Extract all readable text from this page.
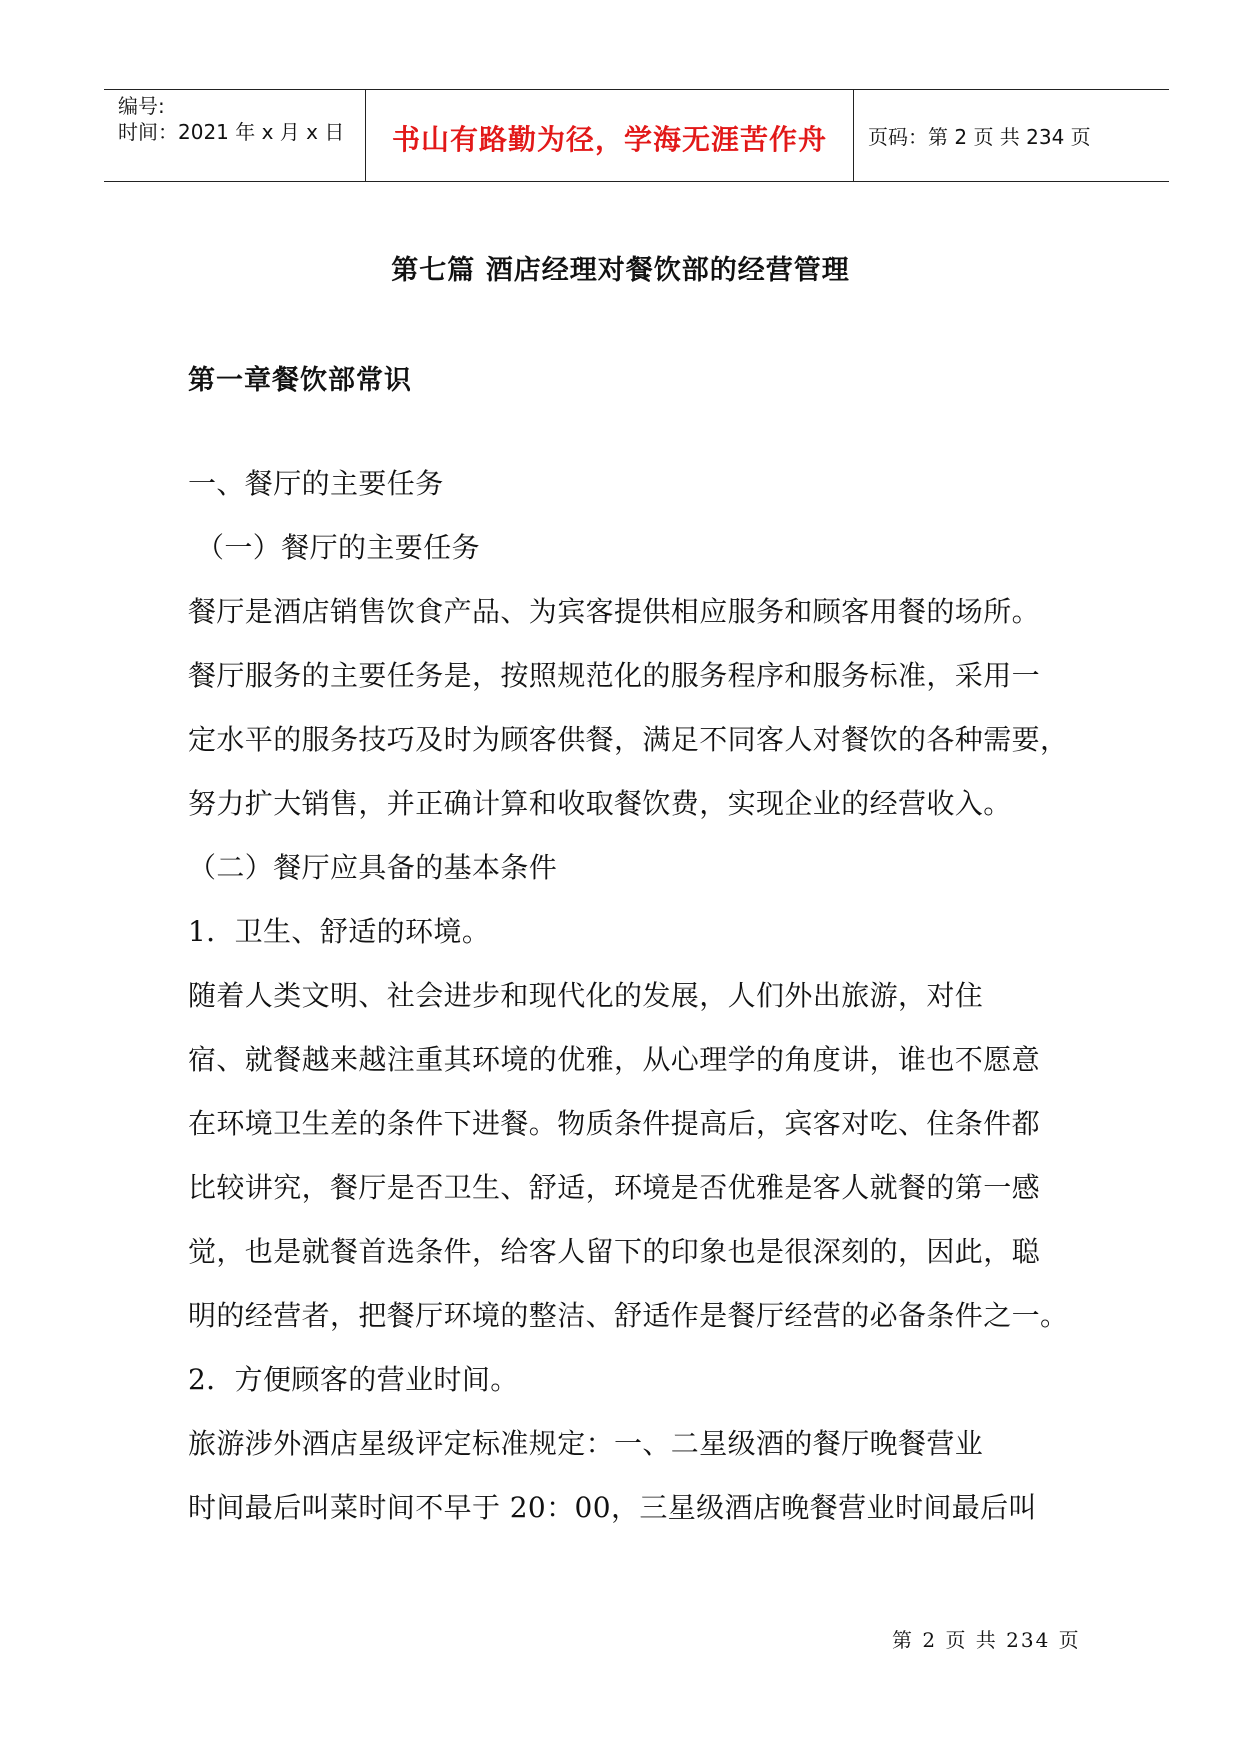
编号:
时间：2021 年 x 月 x 日	书山有路勤为径，学海无涯苦作舟 页码：第 2 页 共 234 页
第七篇 酒店经理对餐饮部的经营管理
第一章餐饮部常识
一、餐厅的主要任务
（一）餐厅的主要任务
餐厅是酒店销售饮食产品、为宾客提供相应服务和顾客用餐的场所。
餐厅服务的主要任务是，按照规范化的服务程序和服务标准，采用一
定水平的服务技巧及时为顾客供餐，满足不同客人对餐饮的各种需要，
努力扩大销售，并正确计算和收取餐饮费，实现企业的经营收入。
（二）餐厅应具备的基本条件
1．卫生、舒适的环境。
随着人类文明、社会进步和现代化的发展，人们外出旅游，对住
宿、就餐越来越注重其环境的优雅，从心理学的角度讲，谁也不愿意
在环境卫生差的条件下进餐。物质条件提高后，宾客对吃、住条件都
比较讲究，餐厅是否卫生、舒适，环境是否优雅是客人就餐的第一感
觉，也是就餐首选条件，给客人留下的印象也是很深刻的，因此，聪
明的经营者，把餐厅环境的整洁、舒适作是餐厅经营的必备条件之一。
2．方便顾客的营业时间。
旅游涉外酒店星级评定标准规定：一、二星级酒的餐厅晚餐营业
时间最后叫菜时间不早于 20：00，三星级酒店晚餐营业时间最后叫
第 2 页 共 234 页
